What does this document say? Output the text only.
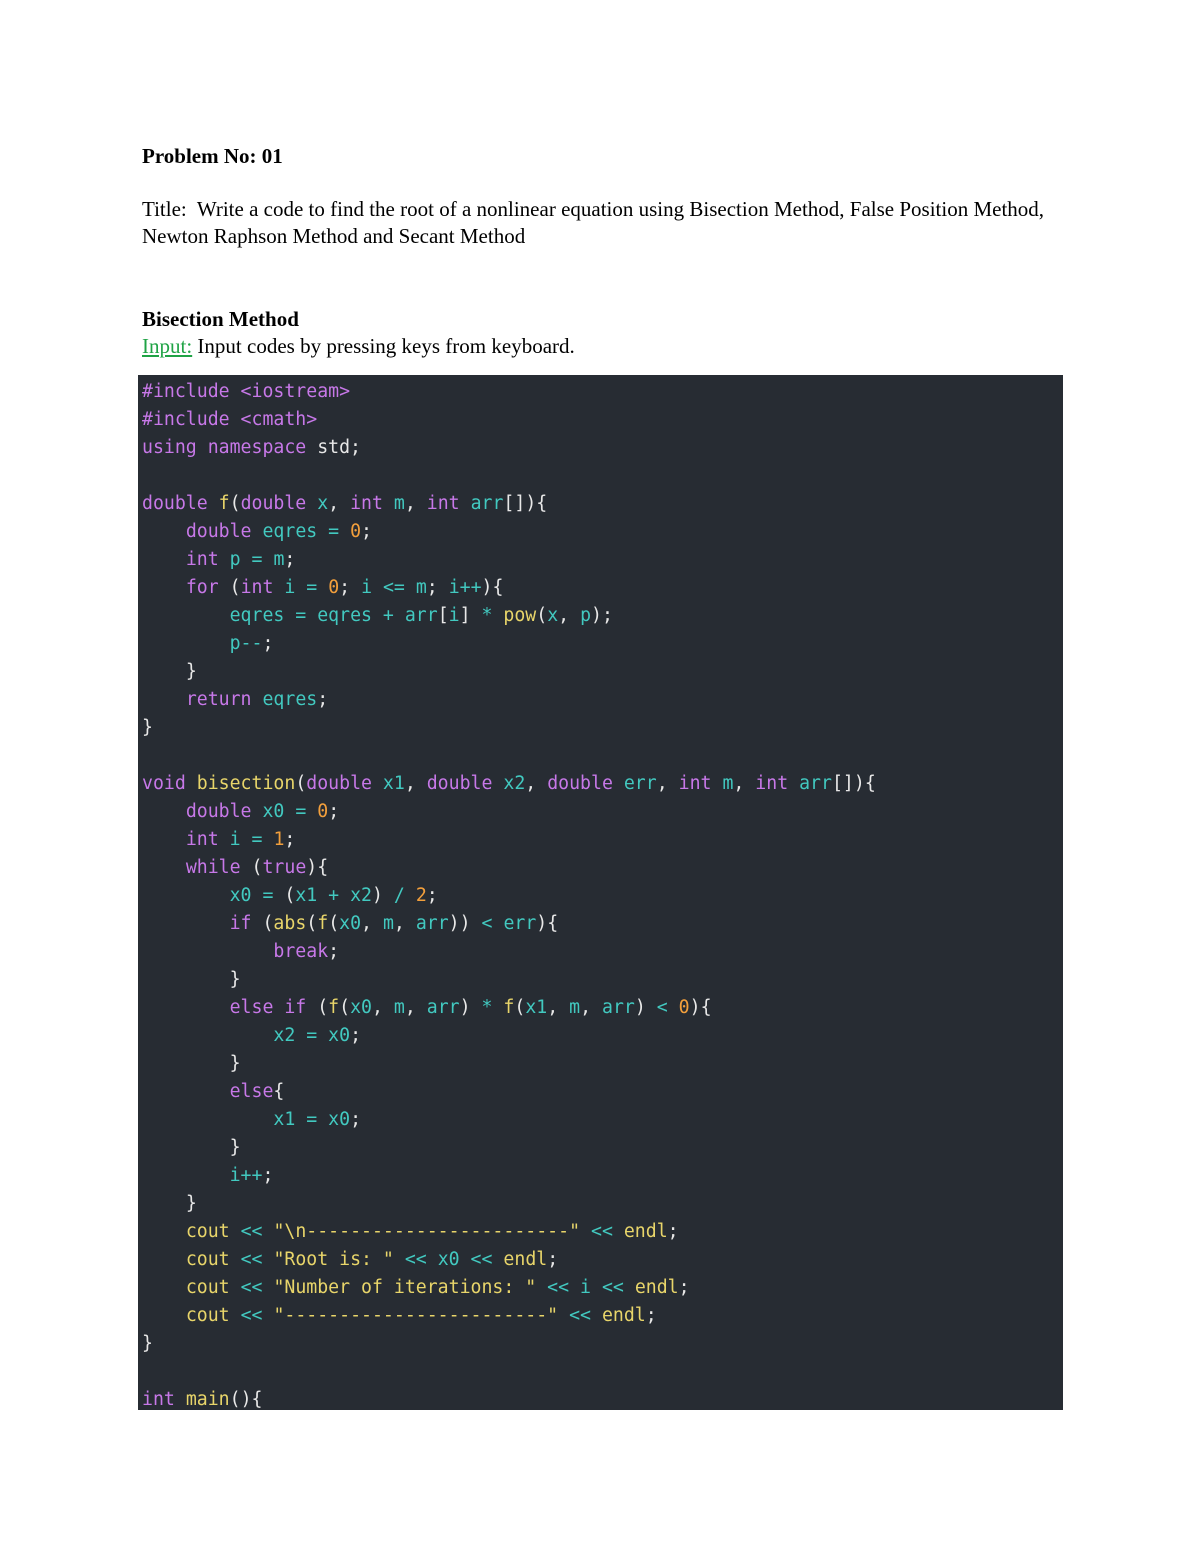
Problem No: 01

Title: Write a code to find the root of a nonlinear equation using Bisection Method, False Position Method, Newton Raphson Method and Secant Method

Bisection Method

Input: Input codes by pressing keys from keyboard.

#include <iostream>
#include <cmath>
using namespace std;

double f(double x, int m, int arr[]){
double eqres = 0;
int p = m;
for (int i = 0; i <= m; i++){
eqres = eqres + arr[i] * pow(x, p);
p--;
}
return eqres;
}

void bisection(double x1, double x2, double err, int m, int arr[]){
double x0 = 0;
int i = 1;
while (true){
x0 = (x1 + x2) / 2;
if (abs(f(x0, m, arr)) < err){
break;
}
else if (f(x0, m, arr) * f(x1, m, arr) < 0){
x2 = x0;
}
else{
x1 = x0;
}
i++;
}
cout << "\n------------------------" << endl;
cout << "Root is: " << x0 << endl;
cout << "Number of iterations: " << i << endl;
cout << "------------------------" << endl;
}

int main(){
